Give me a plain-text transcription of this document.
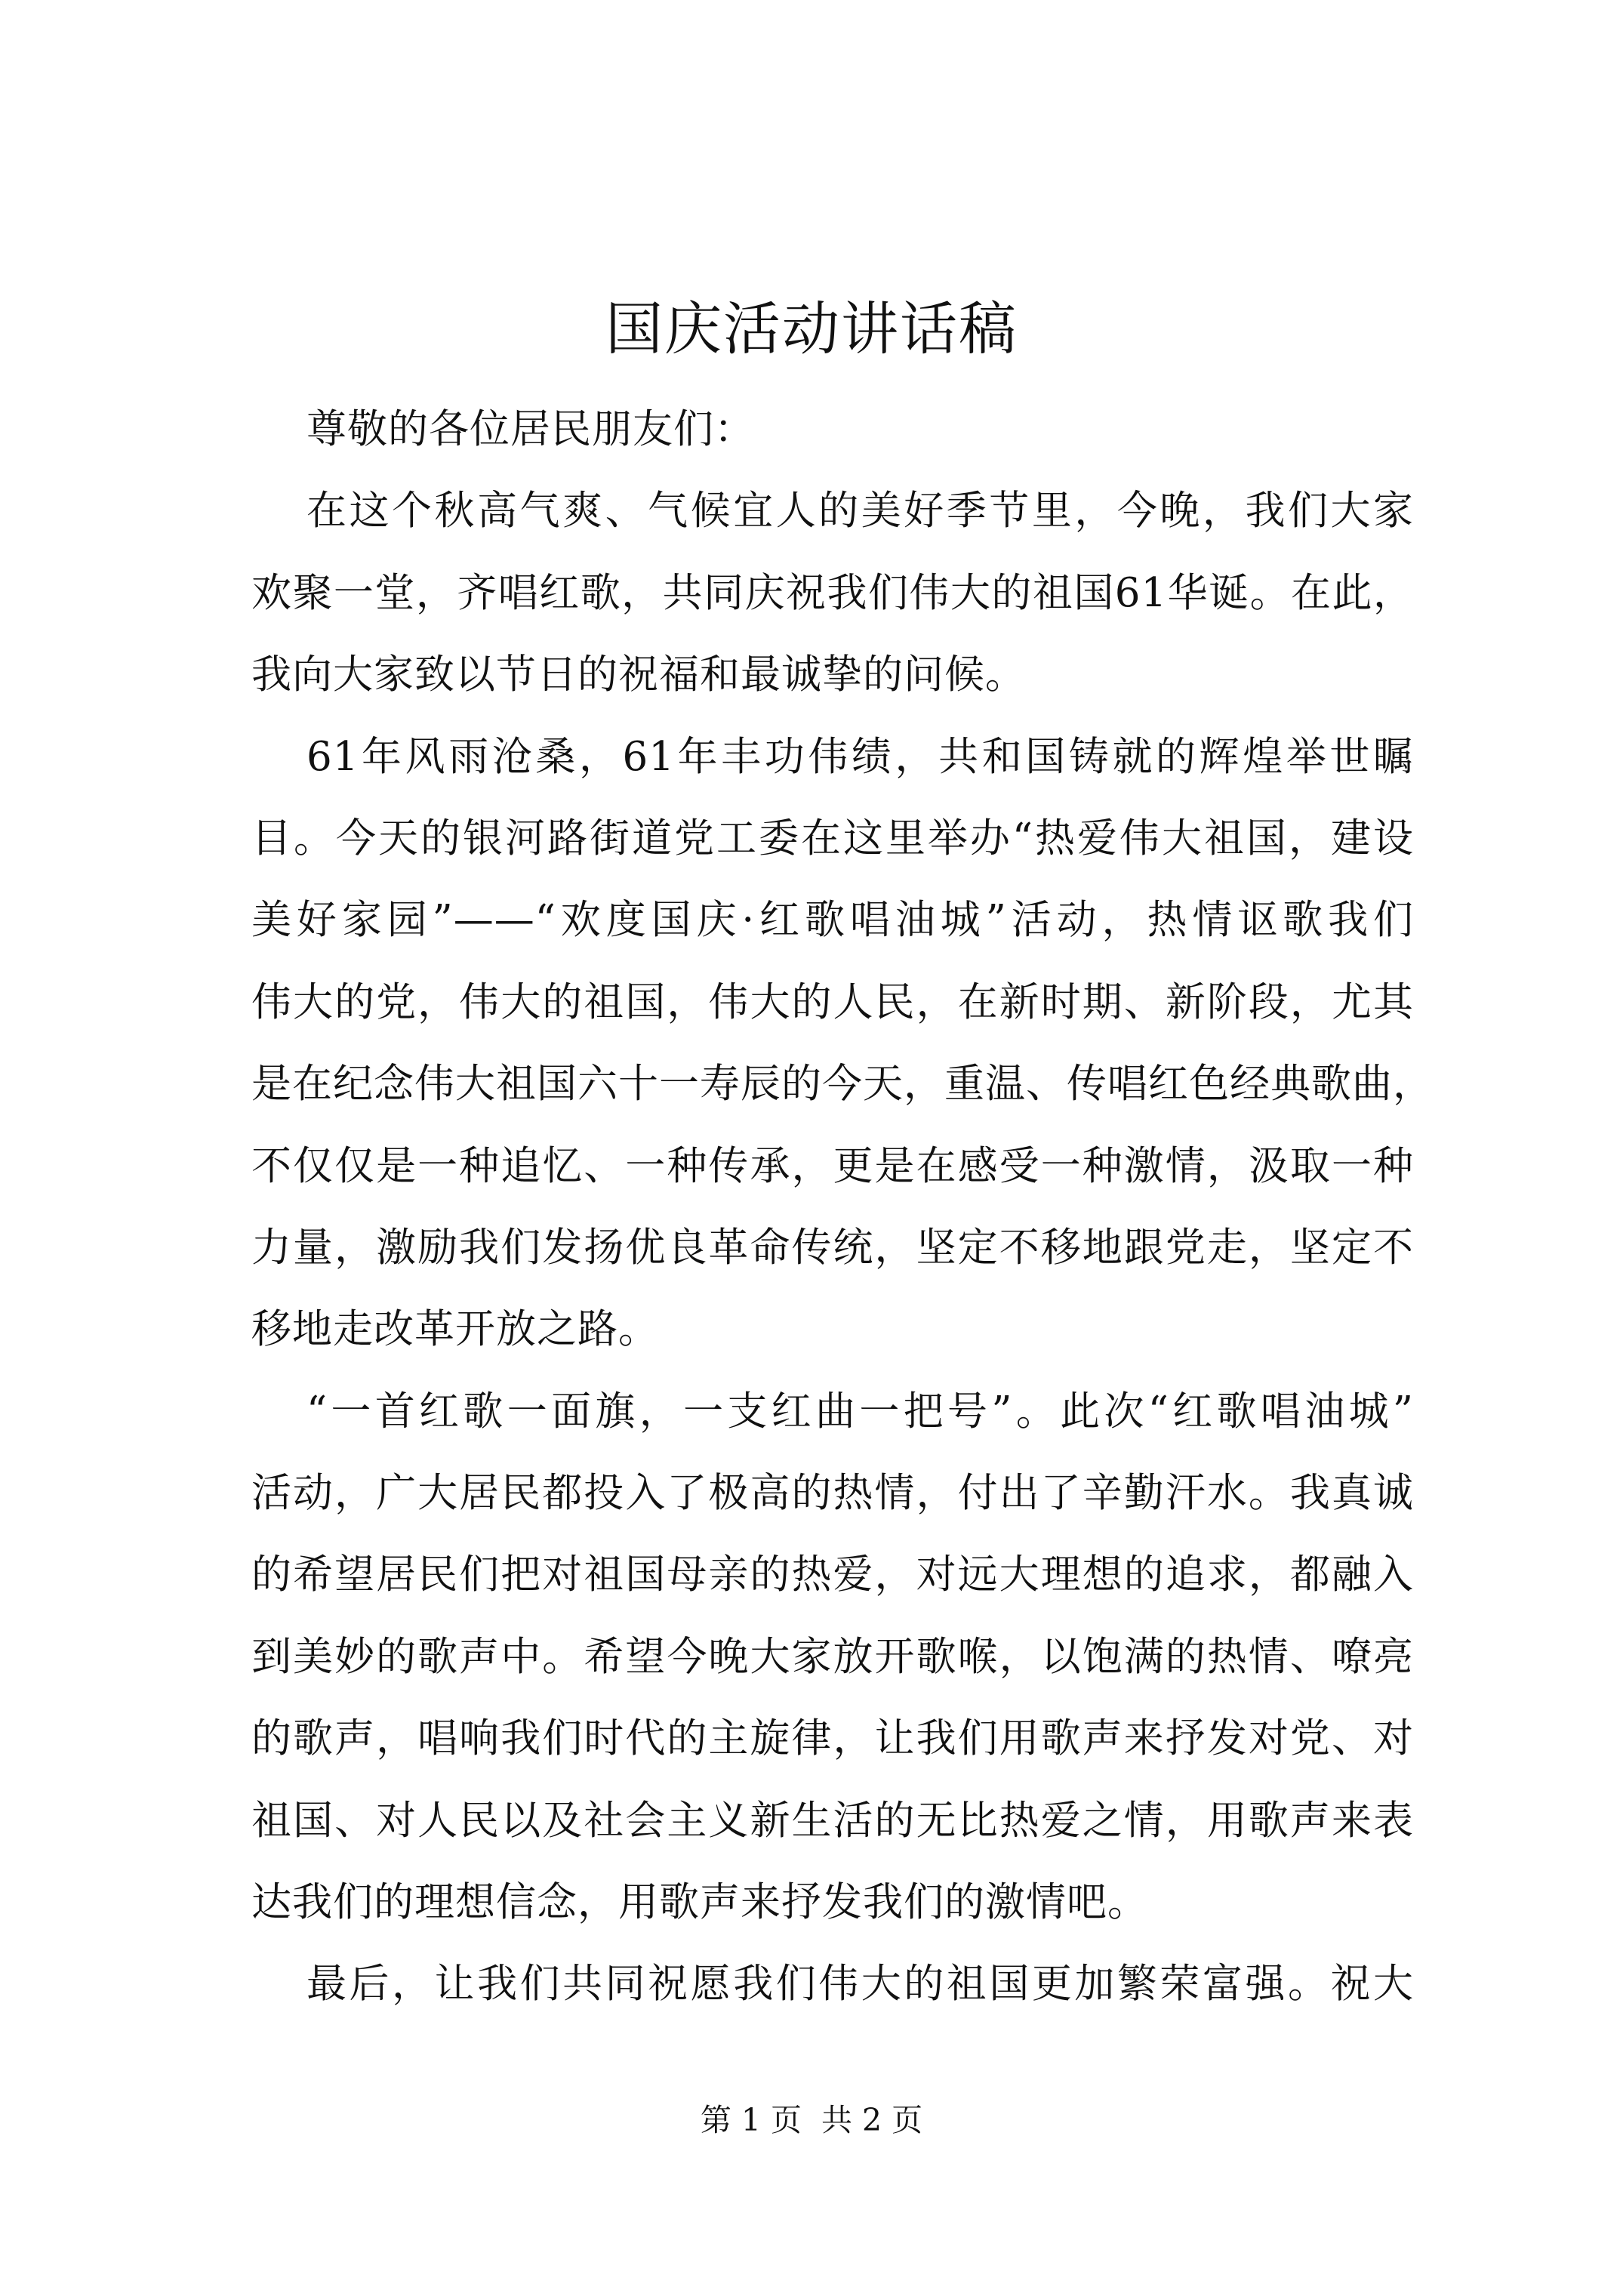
国庆活动讲话稿
尊敬的各位居民朋友们：
在这个秋高气爽、气候宜人的美好季节里，今晚，我们大家
欢聚一堂，齐唱红歌，共同庆祝我们伟大的祖国61华诞。在此，
我向大家致以节日的祝福和最诚挚的问候。
61年风雨沧桑，61年丰功伟绩，共和国铸就的辉煌举世瞩
目。今天的银河路街道党工委在这里举办“热爱伟大祖国，建设
美好家园”——“欢度国庆·红歌唱油城”活动，热情讴歌我们
伟大的党，伟大的祖国，伟大的人民，在新时期、新阶段，尤其
是在纪念伟大祖国六十一寿辰的今天，重温、传唱红色经典歌曲，
不仅仅是一种追忆、一种传承，更是在感受一种激情，汲取一种
力量，激励我们发扬优良革命传统，坚定不移地跟党走，坚定不
移地走改革开放之路。
“一首红歌一面旗，一支红曲一把号”。此次“红歌唱油城”
活动，广大居民都投入了极高的热情，付出了辛勤汗水。我真诚
的希望居民们把对祖国母亲的热爱，对远大理想的追求，都融入
到美妙的歌声中。希望今晚大家放开歌喉，以饱满的热情、嘹亮
的歌声，唱响我们时代的主旋律，让我们用歌声来抒发对党、对
祖国、对人民以及社会主义新生活的无比热爱之情，用歌声来表
达我们的理想信念，用歌声来抒发我们的激情吧。
最后，让我们共同祝愿我们伟大的祖国更加繁荣富强。祝大
第 1 页  共 2 页
